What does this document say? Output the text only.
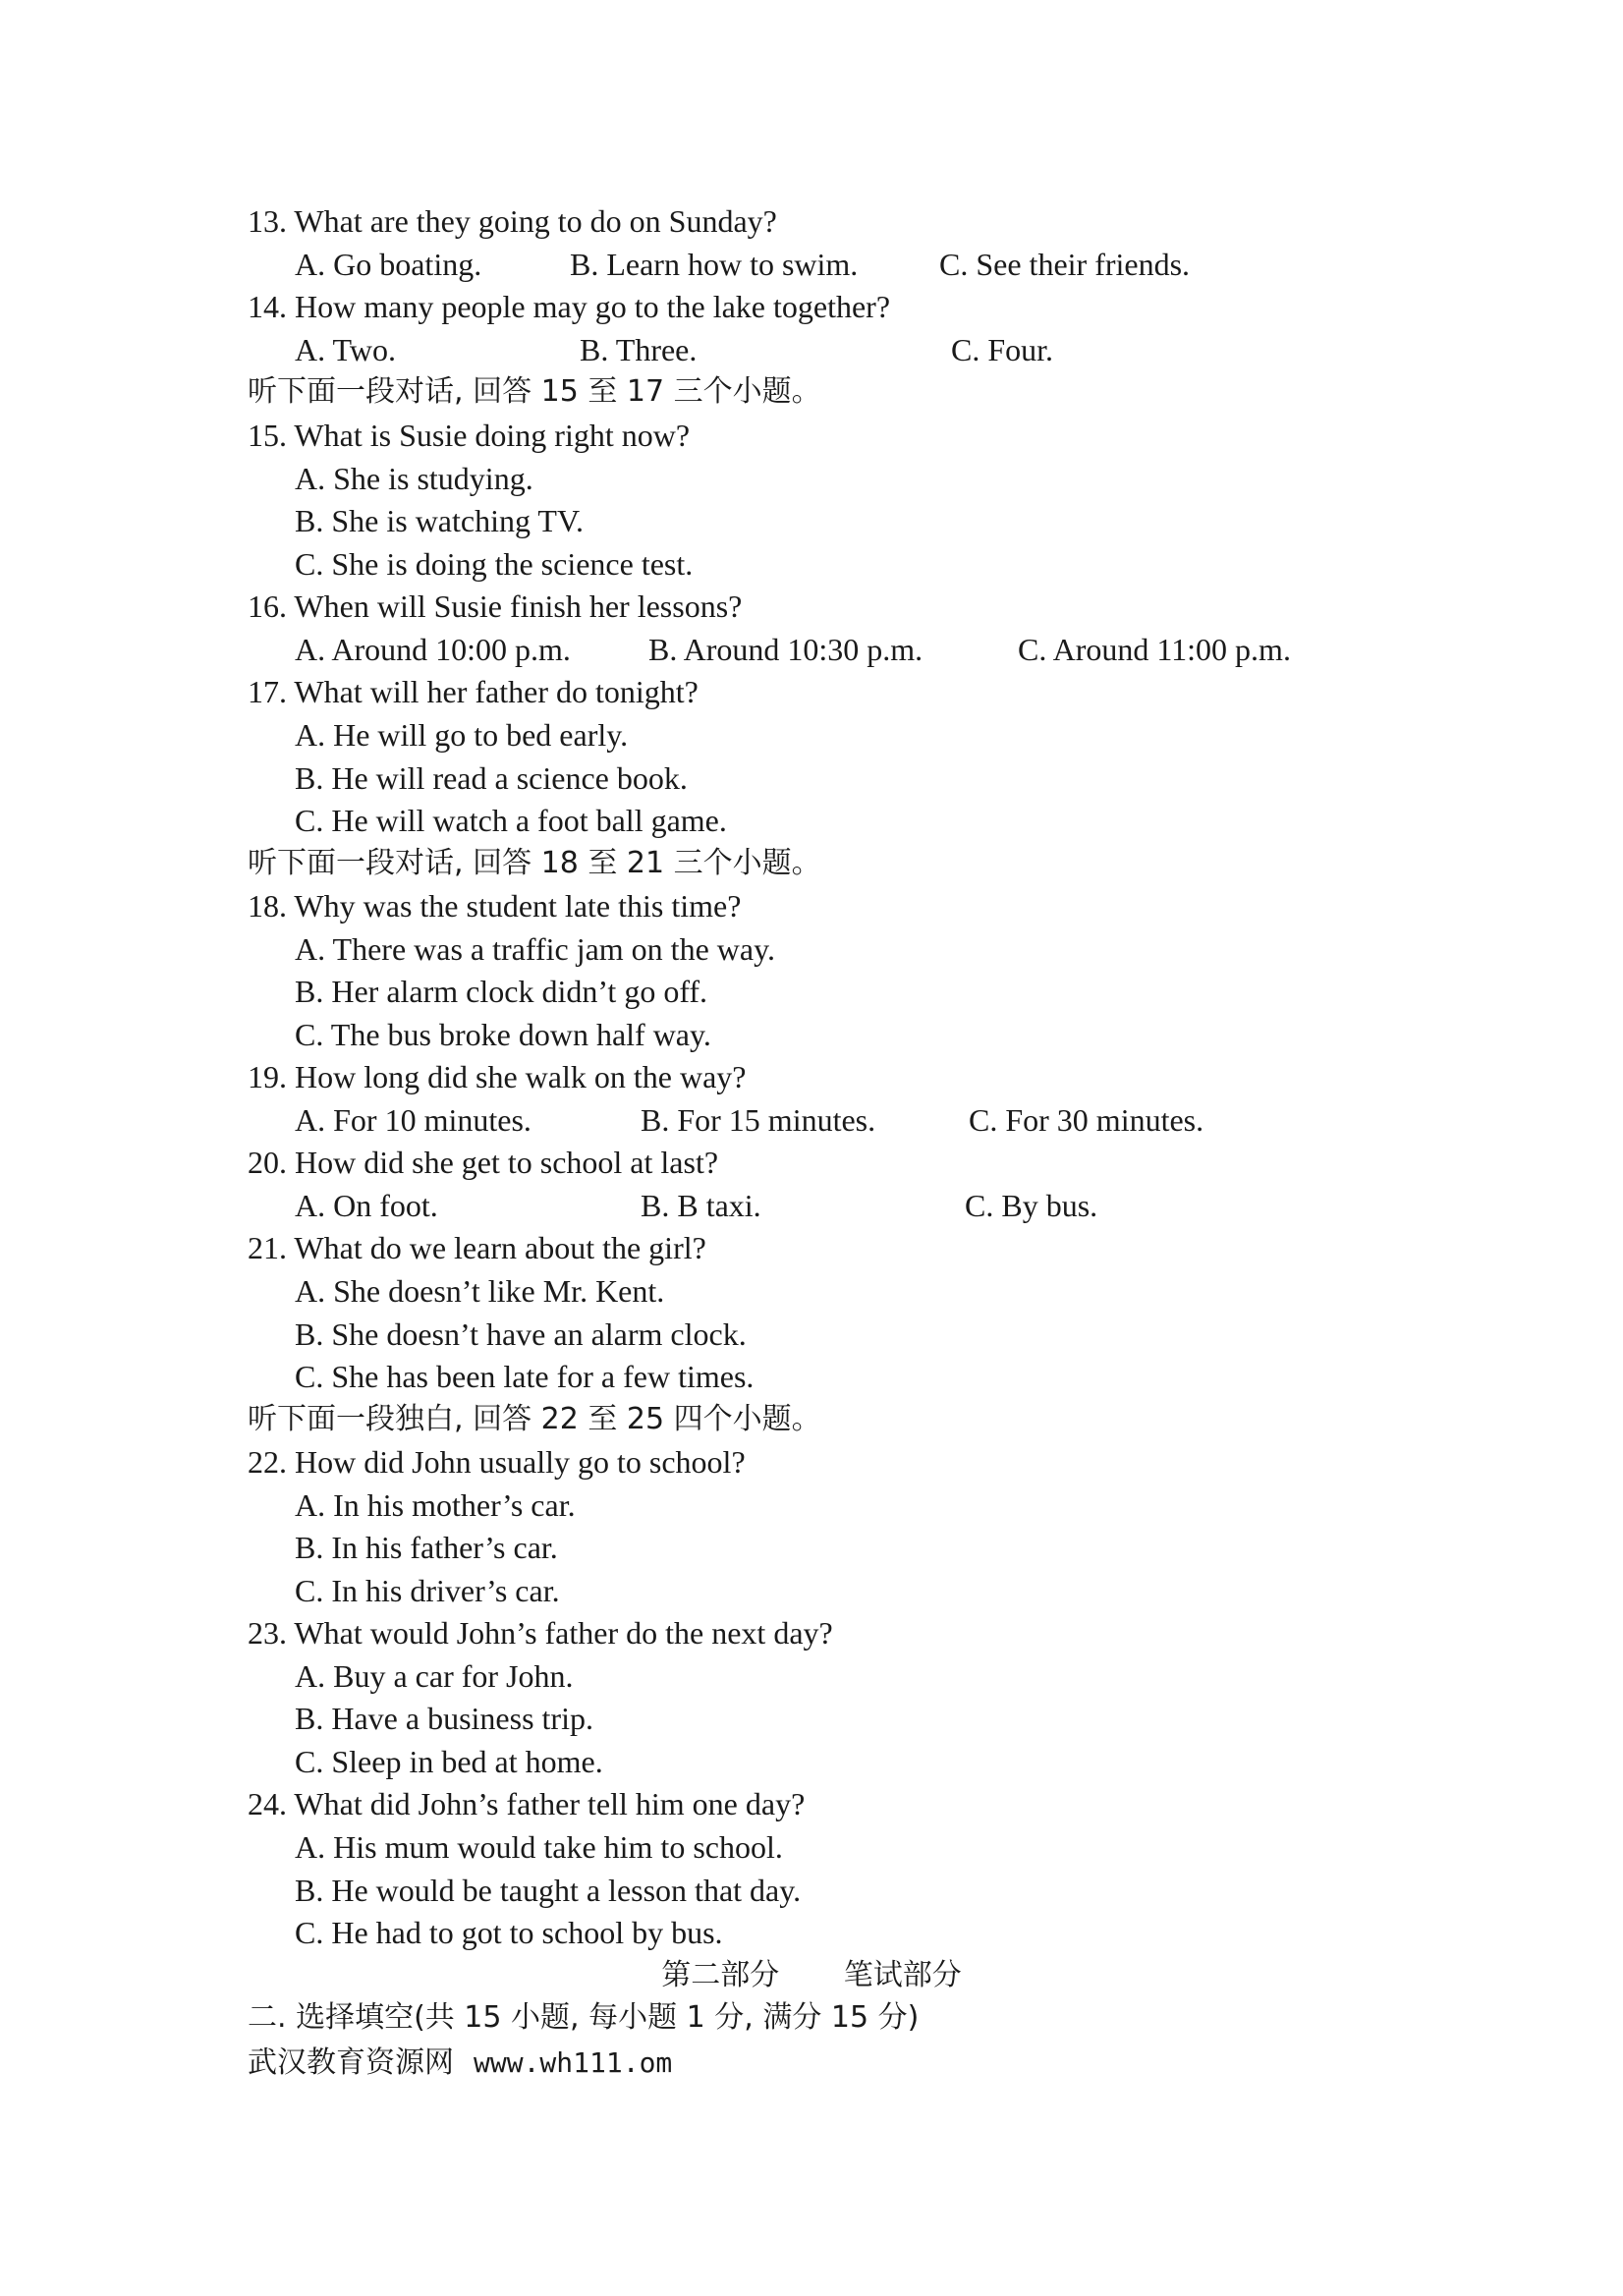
13. What are they going to do on Sunday?
A. Go boating.	B. Learn how to swim.	C. See their friends.
14. How many people may go to the lake together?
A. Two.	B. Three.	C. Four.
听下面一段对话, 回答 15 至 17 三个小题。
15. What is Susie doing right now?
A. She is studying.
B. She is watching TV.
C. She is doing the science test.
16. When will Susie finish her lessons?
A. Around 10:00 p.m. B. Around 10:30 p.m.	C. Around 11:00 p.m.
17. What will her father do tonight?
A. He will go to bed early.
B. He will read a science book.
C. He will watch a foot ball game.
听下面一段对话, 回答 18 至 21 三个小题。
18. Why was the student late this time?
A. There was a traffic jam on the way.
B. Her alarm clock didn’t go off.
C. The bus broke down half way.
19. How long did she walk on the way?
A. For 10 minutes.	B. For 15 minutes.	C. For 30 minutes.
20. How did she get to school at last?
A. On foot.	B. B taxi.	C. By bus.
21. What do we learn about the girl?
A. She doesn’t like Mr. Kent.
B. She doesn’t have an alarm clock.
C. She has been late for a few times.
听下面一段独白, 回答 22 至 25 四个小题。
22. How did John usually go to school?
A. In his mother’s car.
B. In his father’s car.
C. In his driver’s car.
23. What would John’s father do the next day?
A. Buy a car for John.
B. Have a business trip.
C. Sleep in bed at home.
24. What did John’s father tell him one day?
A. His mum would take him to school.
B. He would be taught a lesson that day.
C. He had to got to school by bus.
第二部分 笔试部分
二. 选择填空(共 15 小题, 每小题 1 分, 满分 15 分)
武汉教育资源网 www.wh111.om
